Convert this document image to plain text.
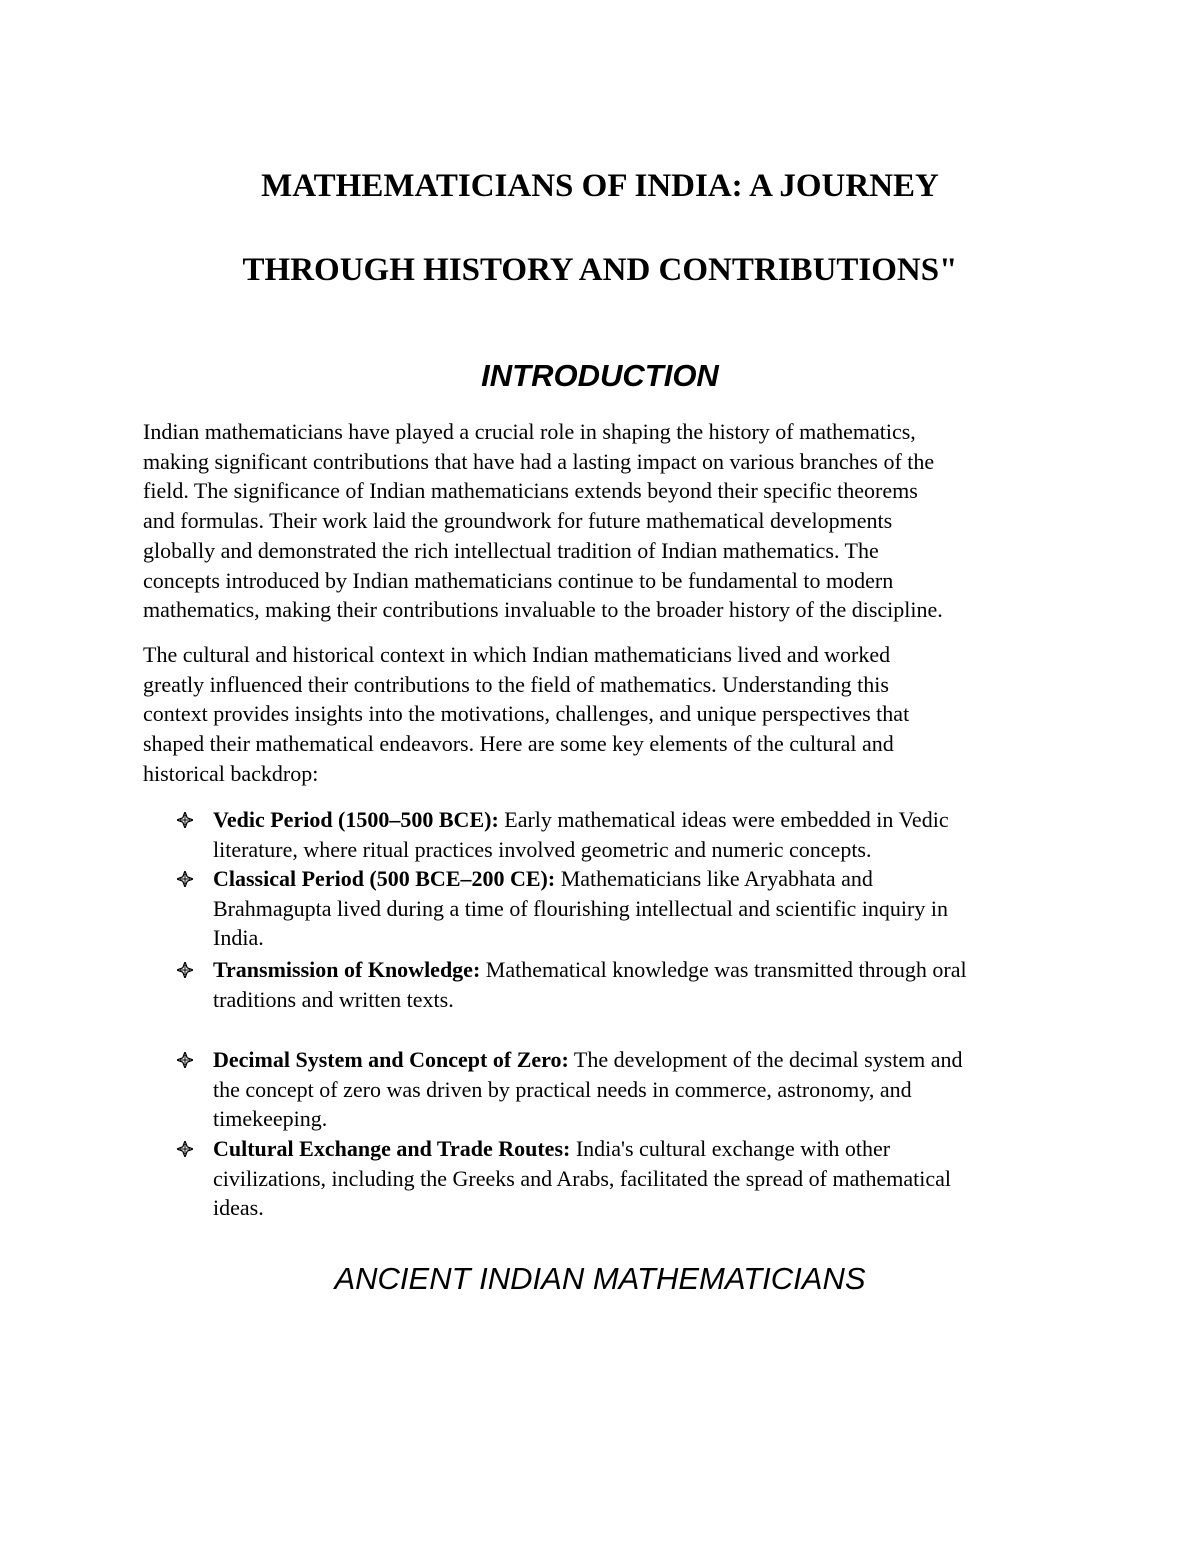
MATHEMATICIANS OF INDIA: A JOURNEY
THROUGH HISTORY AND CONTRIBUTIONS"
INTRODUCTION
Indian mathematicians have played a crucial role in shaping the history of mathematics,
making significant contributions that have had a lasting impact on various branches of the
field. The significance of Indian mathematicians extends beyond their specific theorems
and formulas. Their work laid the groundwork for future mathematical developments
globally and demonstrated the rich intellectual tradition of Indian mathematics. The
concepts introduced by Indian mathematicians continue to be fundamental to modern
mathematics, making their contributions invaluable to the broader history of the discipline.
The cultural and historical context in which Indian mathematicians lived and worked
greatly influenced their contributions to the field of mathematics. Understanding this
context provides insights into the motivations, challenges, and unique perspectives that
shaped their mathematical endeavors. Here are some key elements of the cultural and
historical backdrop:
Vedic Period (1500–500 BCE): Early mathematical ideas were embedded in Vedic
literature, where ritual practices involved geometric and numeric concepts.
Classical Period (500 BCE–200 CE): Mathematicians like Aryabhata and
Brahmagupta lived during a time of flourishing intellectual and scientific inquiry in
India.
Transmission of Knowledge: Mathematical knowledge was transmitted through oral
traditions and written texts.
Decimal System and Concept of Zero: The development of the decimal system and
the concept of zero was driven by practical needs in commerce, astronomy, and
timekeeping.
Cultural Exchange and Trade Routes: India's cultural exchange with other
civilizations, including the Greeks and Arabs, facilitated the spread of mathematical
ideas.
ANCIENT INDIAN MATHEMATICIANS
